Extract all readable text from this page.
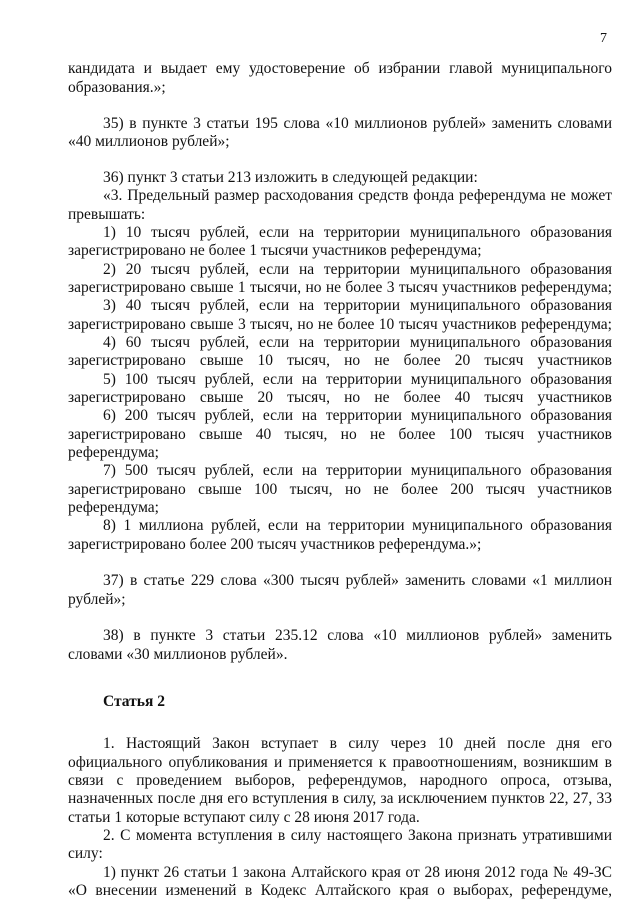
7
кандидата и выдает ему удостоверение об избрании главой муниципального
образования.»;
35) в пункте 3 статьи 195 слова «10 миллионов рублей» заменить словами
«40 миллионов рублей»;
36) пункт 3 статьи 213 изложить в следующей редакции:
«3. Предельный размер расходования средств фонда референдума не может
превышать:
1) 10 тысяч рублей, если на территории муниципального образования
зарегистрировано не более 1 тысячи участников референдума;
2) 20 тысяч рублей, если на территории муниципального образования
зарегистрировано свыше 1 тысячи, но не более 3 тысяч участников референдума;
3) 40 тысяч рублей, если на территории муниципального образования
зарегистрировано свыше 3 тысяч, но не более 10 тысяч участников референдума;
4) 60 тысяч рублей, если на территории муниципального образования
зарегистрировано свыше 10 тысяч, но не более 20 тысяч участников
5) 100 тысяч рублей, если на территории муниципального образования
зарегистрировано свыше 20 тысяч, но не более 40 тысяч участников
6) 200 тысяч рублей, если на территории муниципального образования
зарегистрировано свыше 40 тысяч, но не более 100 тысяч участников
референдума;
7) 500 тысяч рублей, если на территории муниципального образования
зарегистрировано свыше 100 тысяч, но не более 200 тысяч участников
референдума;
8) 1 миллиона рублей, если на территории муниципального образования
зарегистрировано более 200 тысяч участников референдума.»;
37) в статье 229 слова «300 тысяч рублей» заменить словами «1 миллион
рублей»;
38) в пункте 3 статьи 235.12 слова «10 миллионов рублей» заменить
словами «30 миллионов рублей».
Статья 2
1. Настоящий Закон вступает в силу через 10 дней после дня его
официального опубликования и применяется к правоотношениям, возникшим в
связи с проведением выборов, референдумов, народного опроса, отзыва,
назначенных после дня его вступления в силу, за исключением пунктов 22, 27, 33
статьи 1 которые вступают силу с 28 июня 2017 года.
2. С момента вступления в силу настоящего Закона признать утратившими
силу:
1) пункт 26 статьи 1 закона Алтайского края от 28 июня 2012 года № 49-ЗС
«О внесении изменений в Кодекс Алтайского края о выборах, референдуме,
